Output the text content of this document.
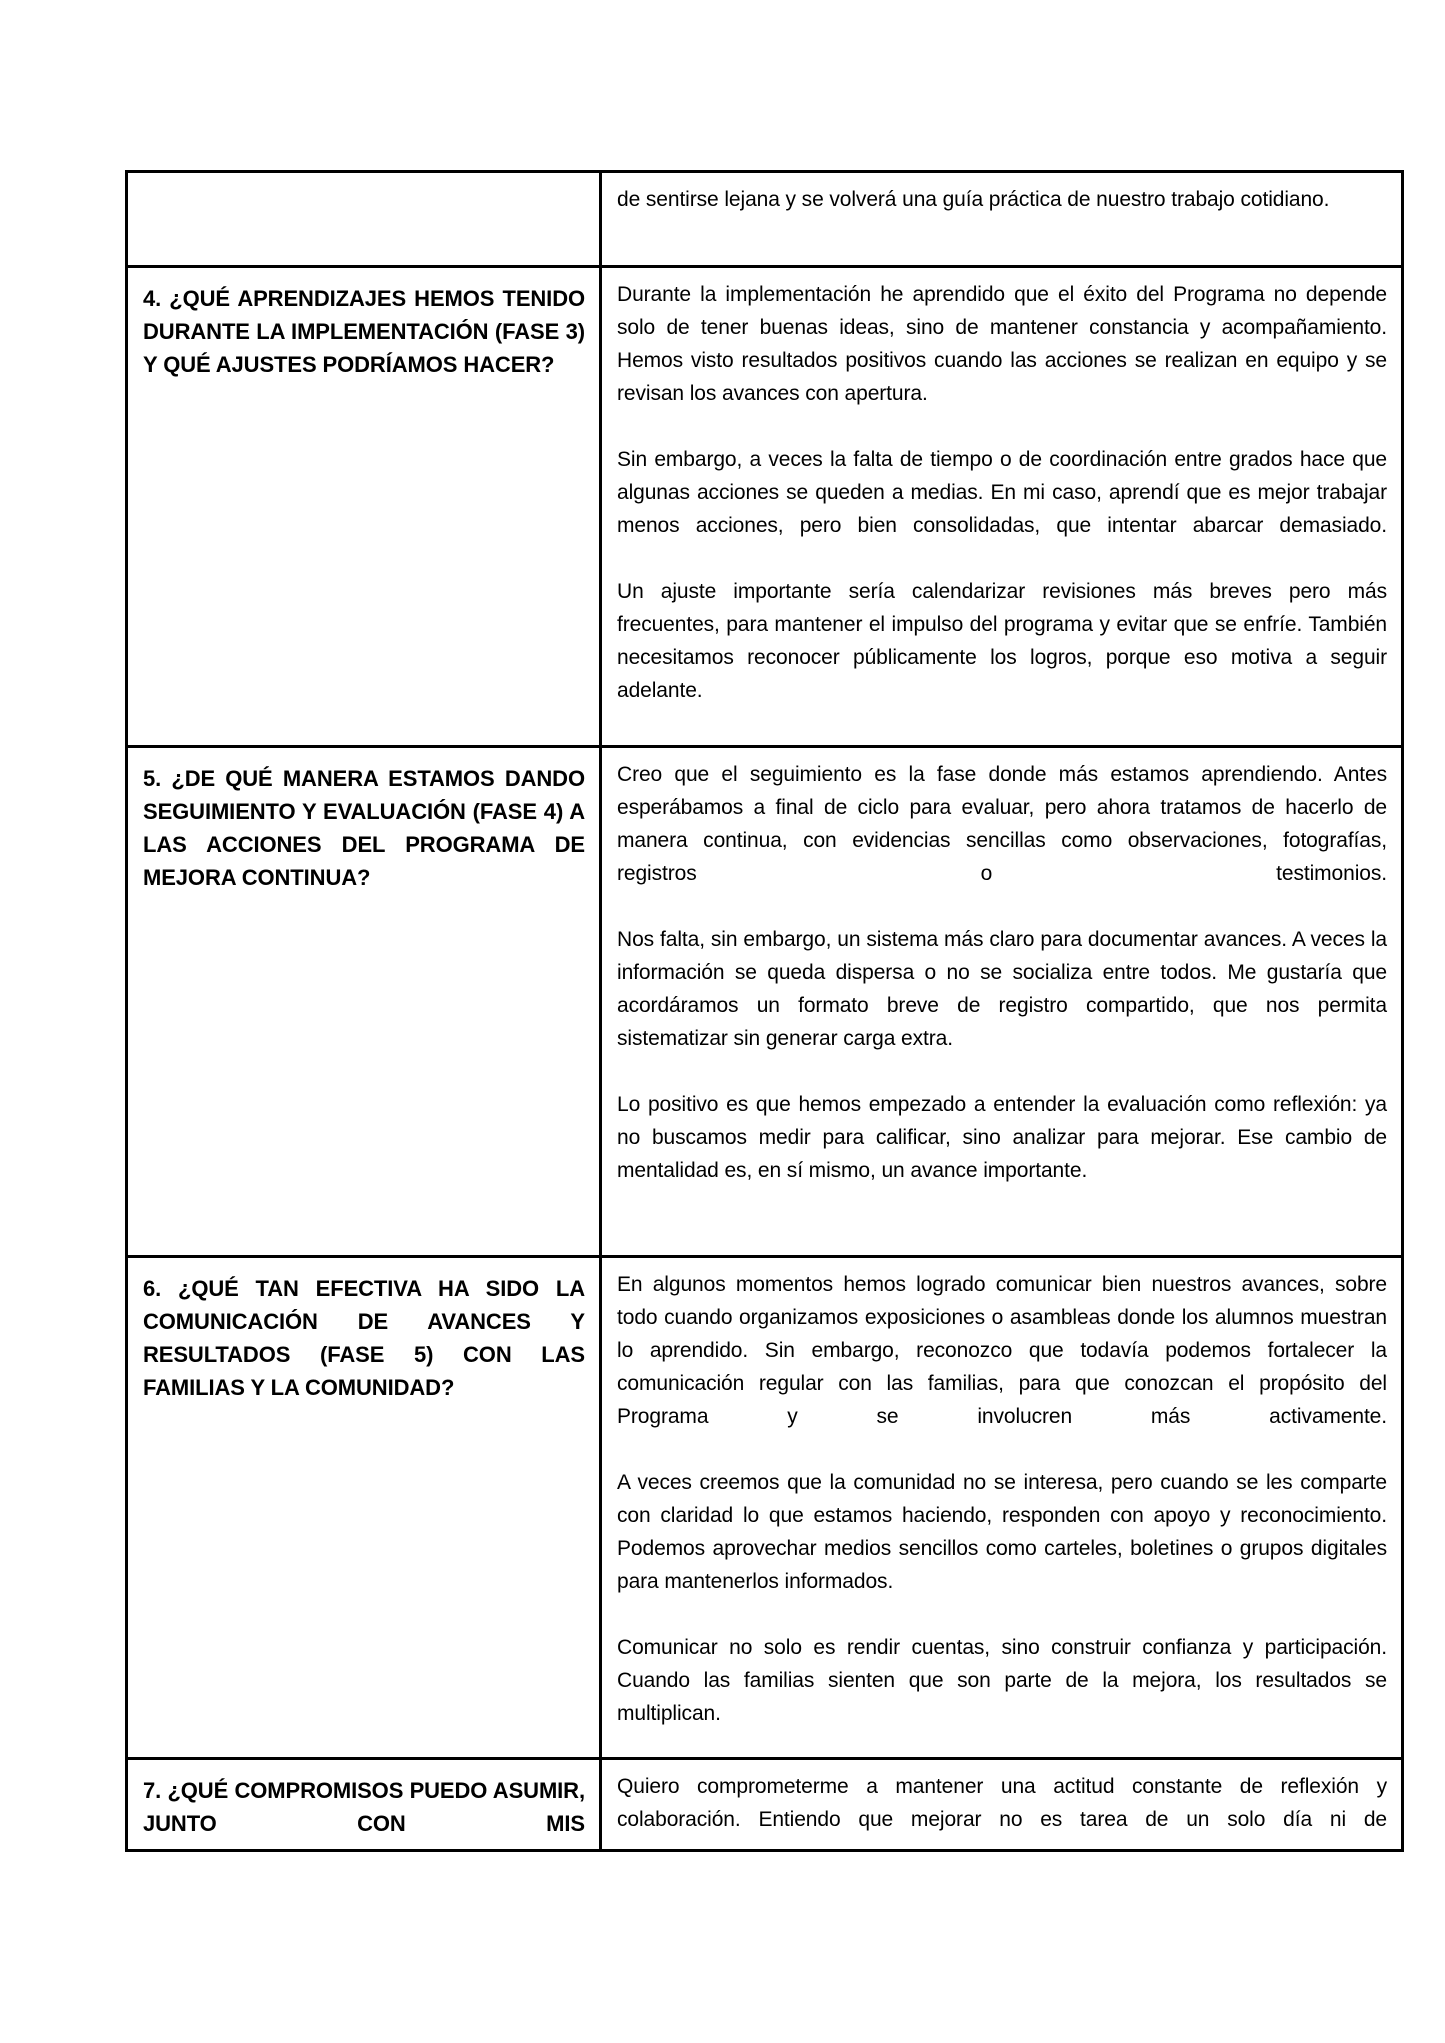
	de sentirse lejana y se volverá una guía práctica de nuestro trabajo cotidiano.

4. ¿QUÉ APRENDIZAJES HEMOS TENIDO DURANTE LA IMPLEMENTACIÓN (FASE 3) Y QUÉ AJUSTES PODRÍAMOS HACER?	Durante la implementación he aprendido que el éxito del Programa no depende solo de tener buenas ideas, sino de mantener constancia y acompañamiento. Hemos visto resultados positivos cuando las acciones se realizan en equipo y se revisan los avances con apertura.

Sin embargo, a veces la falta de tiempo o de coordinación entre grados hace que algunas acciones se queden a medias. En mi caso, aprendí que es mejor trabajar menos acciones, pero bien consolidadas, que intentar abarcar demasiado.

Un ajuste importante sería calendarizar revisiones más breves pero más frecuentes, para mantener el impulso del programa y evitar que se enfríe. También necesitamos reconocer públicamente los logros, porque eso motiva a seguir adelante.

5. ¿DE QUÉ MANERA ESTAMOS DANDO SEGUIMIENTO Y EVALUACIÓN (FASE 4) A LAS ACCIONES DEL PROGRAMA DE MEJORA CONTINUA?	Creo que el seguimiento es la fase donde más estamos aprendiendo. Antes esperábamos a final de ciclo para evaluar, pero ahora tratamos de hacerlo de manera continua, con evidencias sencillas como observaciones, fotografías, registros o testimonios.

Nos falta, sin embargo, un sistema más claro para documentar avances. A veces la información se queda dispersa o no se socializa entre todos. Me gustaría que acordáramos un formato breve de registro compartido, que nos permita sistematizar sin generar carga extra.

Lo positivo es que hemos empezado a entender la evaluación como reflexión: ya no buscamos medir para calificar, sino analizar para mejorar. Ese cambio de mentalidad es, en sí mismo, un avance importante.

6. ¿QUÉ TAN EFECTIVA HA SIDO LA COMUNICACIÓN DE AVANCES Y RESULTADOS (FASE 5) CON LAS FAMILIAS Y LA COMUNIDAD?	En algunos momentos hemos logrado comunicar bien nuestros avances, sobre todo cuando organizamos exposiciones o asambleas donde los alumnos muestran lo aprendido. Sin embargo, reconozco que todavía podemos fortalecer la comunicación regular con las familias, para que conozcan el propósito del Programa y se involucren más activamente.

A veces creemos que la comunidad no se interesa, pero cuando se les comparte con claridad lo que estamos haciendo, responden con apoyo y reconocimiento. Podemos aprovechar medios sencillos como carteles, boletines o grupos digitales para mantenerlos informados.

Comunicar no solo es rendir cuentas, sino construir confianza y participación. Cuando las familias sienten que son parte de la mejora, los resultados se multiplican.

7. ¿QUÉ COMPROMISOS PUEDO ASUMIR, JUNTO CON MIS	Quiero comprometerme a mantener una actitud constante de reflexión y colaboración. Entiendo que mejorar no es tarea de un solo día ni de
